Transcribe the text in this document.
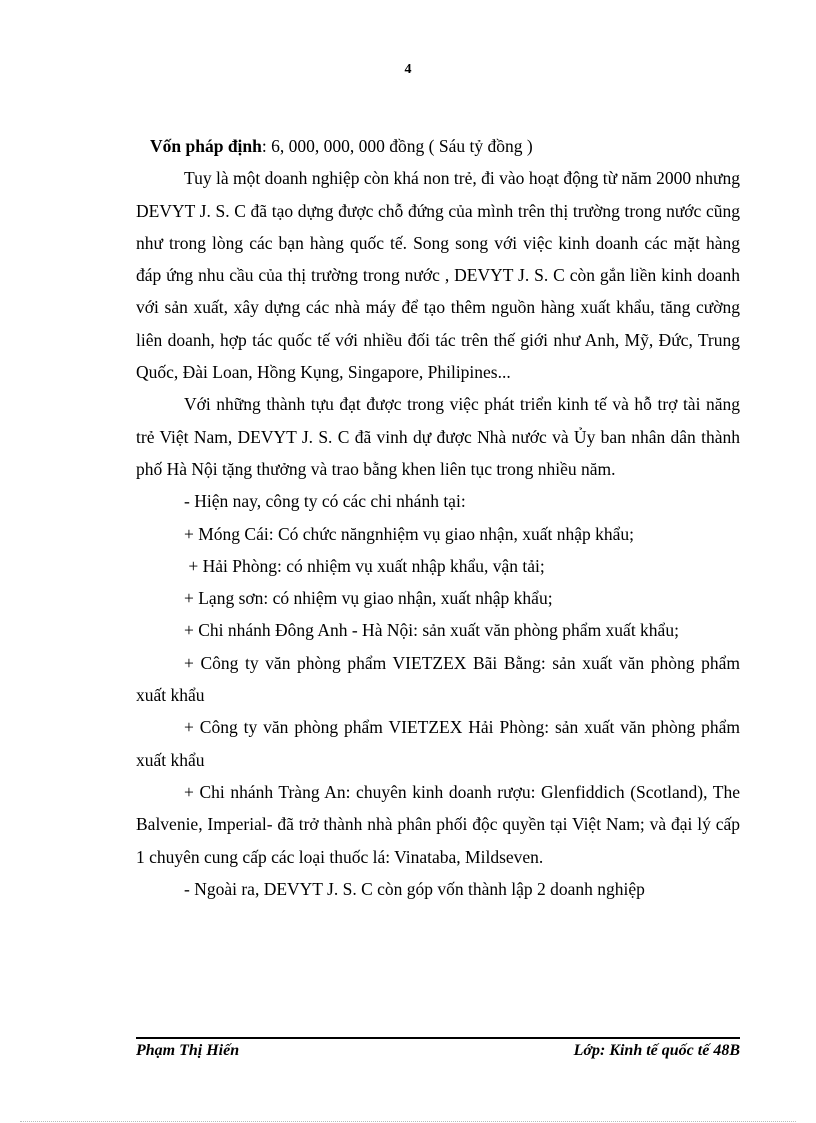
4

Vốn pháp định: 6, 000, 000, 000 đồng ( Sáu tỷ đồng )

Tuy là một doanh nghiệp còn khá non trẻ, đi vào hoạt động từ năm 2000 nhưng DEVYT J. S. C đã tạo dựng được chỗ đứng của mình trên thị trường trong nước cũng như trong lòng các bạn hàng quốc tế. Song song với việc kinh doanh các mặt hàng đáp ứng nhu cầu của thị trường trong nước , DEVYT J. S. C còn gắn liền kinh doanh với sản xuất, xây dựng các nhà máy để tạo thêm nguồn hàng xuất khẩu, tăng cường liên doanh, hợp tác quốc tế với nhiều đối tác trên thế giới như Anh, Mỹ, Đức, Trung Quốc, Đài Loan, Hồng Kụng, Singapore, Philipines...

Với những thành tựu đạt được trong việc phát triển kinh tế và hỗ trợ tài năng trẻ Việt Nam, DEVYT J. S. C đã vinh dự được Nhà nước và Ủy ban nhân dân thành phố Hà Nội tặng thưởng và trao bằng khen liên tục trong nhiều năm.

- Hiện nay, công ty có các chi nhánh tại:

+ Móng Cái: Có chức năngnhiệm vụ giao nhận, xuất nhập khẩu;

+ Hải Phòng: có nhiệm vụ xuất nhập khẩu, vận tải;

+ Lạng sơn: có nhiệm vụ giao nhận, xuất nhập khẩu;

+ Chi nhánh Đông Anh - Hà Nội: sản xuất văn phòng phẩm xuất khẩu;

+ Công ty văn phòng phẩm VIETZEX Bãi Bằng: sản xuất văn phòng phẩm xuất khẩu

+ Công ty văn phòng phẩm VIETZEX Hải Phòng: sản xuất văn phòng phẩm xuất khẩu

+ Chi nhánh Tràng An: chuyên kinh doanh rượu: Glenfiddich (Scotland), The Balvenie, Imperial- đã trở thành nhà phân phối độc quyền tại Việt Nam; và đại lý cấp 1 chuyên cung cấp các loại thuốc lá: Vinataba, Mildseven.

- Ngoài ra, DEVYT J. S. C còn góp vốn thành lập 2 doanh nghiệp

Phạm Thị Hiến	Lớp: Kinh tế quốc tế 48B
